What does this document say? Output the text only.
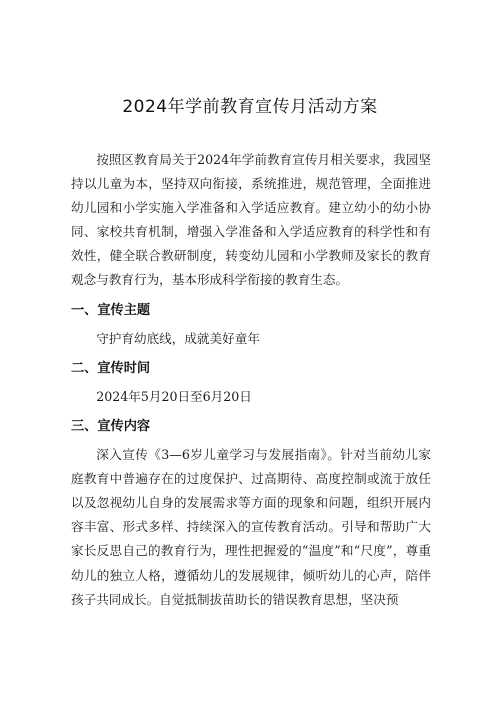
2024年学前教育宣传月活动方案

按照区教育局关于2024年学前教育宣传月相关要求，我园坚持以儿童为本，坚持双向衔接，系统推进，规范管理，全面推进幼儿园和小学实施入学准备和入学适应教育。建立幼小的幼小协同、家校共育机制，增强入学准备和入学适应教育的科学性和有效性，健全联合教研制度，转变幼儿园和小学教师及家长的教育观念与教育行为，基本形成科学衔接的教育生态。

一、宣传主题

守护育幼底线，成就美好童年

二、宣传时间

2024年5月20日至6月20日

三、宣传内容

深入宣传《3—6岁儿童学习与发展指南》。针对当前幼儿家庭教育中普遍存在的过度保护、过高期待、高度控制或流于放任以及忽视幼儿自身的发展需求等方面的现象和问题，组织开展内容丰富、形式多样、持续深入的宣传教育活动。引导和帮助广大家长反思自己的教育行为，理性把握爱的“温度”和“尺度”，尊重幼儿的独立人格，遵循幼儿的发展规律，倾听幼儿的心声，陪伴孩子共同成长。自觉抵制拔苗助长的错误教育思想，坚决预
